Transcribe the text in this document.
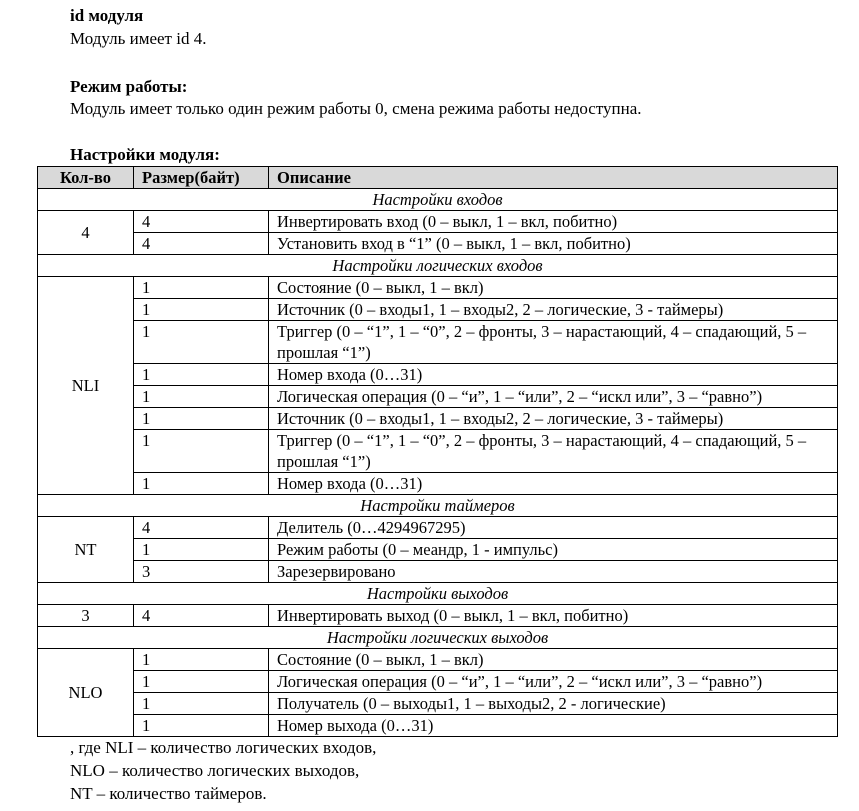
id модуля
Модуль имеет id 4.
Режим работы:
Модуль имеет только один режим работы 0, смена режима работы недоступна.
Настройки модуля:
Кол-во	Размер(байт)	Описание
Настройки входов		
4	4	Инвертировать вход (0 – выкл, 1 – вкл, побитно)
	4	Установить вход в “1” (0 – выкл, 1 – вкл, побитно)
Настройки логических входов		
NLI	1	Состояние (0 – выкл, 1 – вкл)
	1	Источник (0 – входы1, 1 – входы2, 2 – логические, 3 - таймеры)
	1	Триггер (0 – “1”, 1 – “0”, 2 – фронты, 3 – нарастающий, 4 – спадающий, 5 – прошлая “1”)
	1	Номер входа (0…31)
	1	Логическая операция (0 – “и”, 1 – “или”, 2 – “искл или”, 3 – “равно”)
	1	Источник (0 – входы1, 1 – входы2, 2 – логические, 3 - таймеры)
	1	Триггер (0 – “1”, 1 – “0”, 2 – фронты, 3 – нарастающий, 4 – спадающий, 5 – прошлая “1”)
	1	Номер входа (0…31)
Настройки таймеров		
NT	4	Делитель (0…4294967295)
	1	Режим работы (0 – меандр, 1 - импульс)
	3	Зарезервировано
Настройки выходов		
3	4	Инвертировать выход (0 – выкл, 1 – вкл, побитно)
Настройки логических выходов		
NLO	1	Состояние (0 – выкл, 1 – вкл)
	1	Логическая операция (0 – “и”, 1 – “или”, 2 – “искл или”, 3 – “равно”)
	1	Получатель (0 – выходы1, 1 – выходы2, 2 - логические)
	1	Номер выхода (0…31)
, где NLI – количество логических входов,
NLO – количество логических выходов,
NT – количество таймеров.
